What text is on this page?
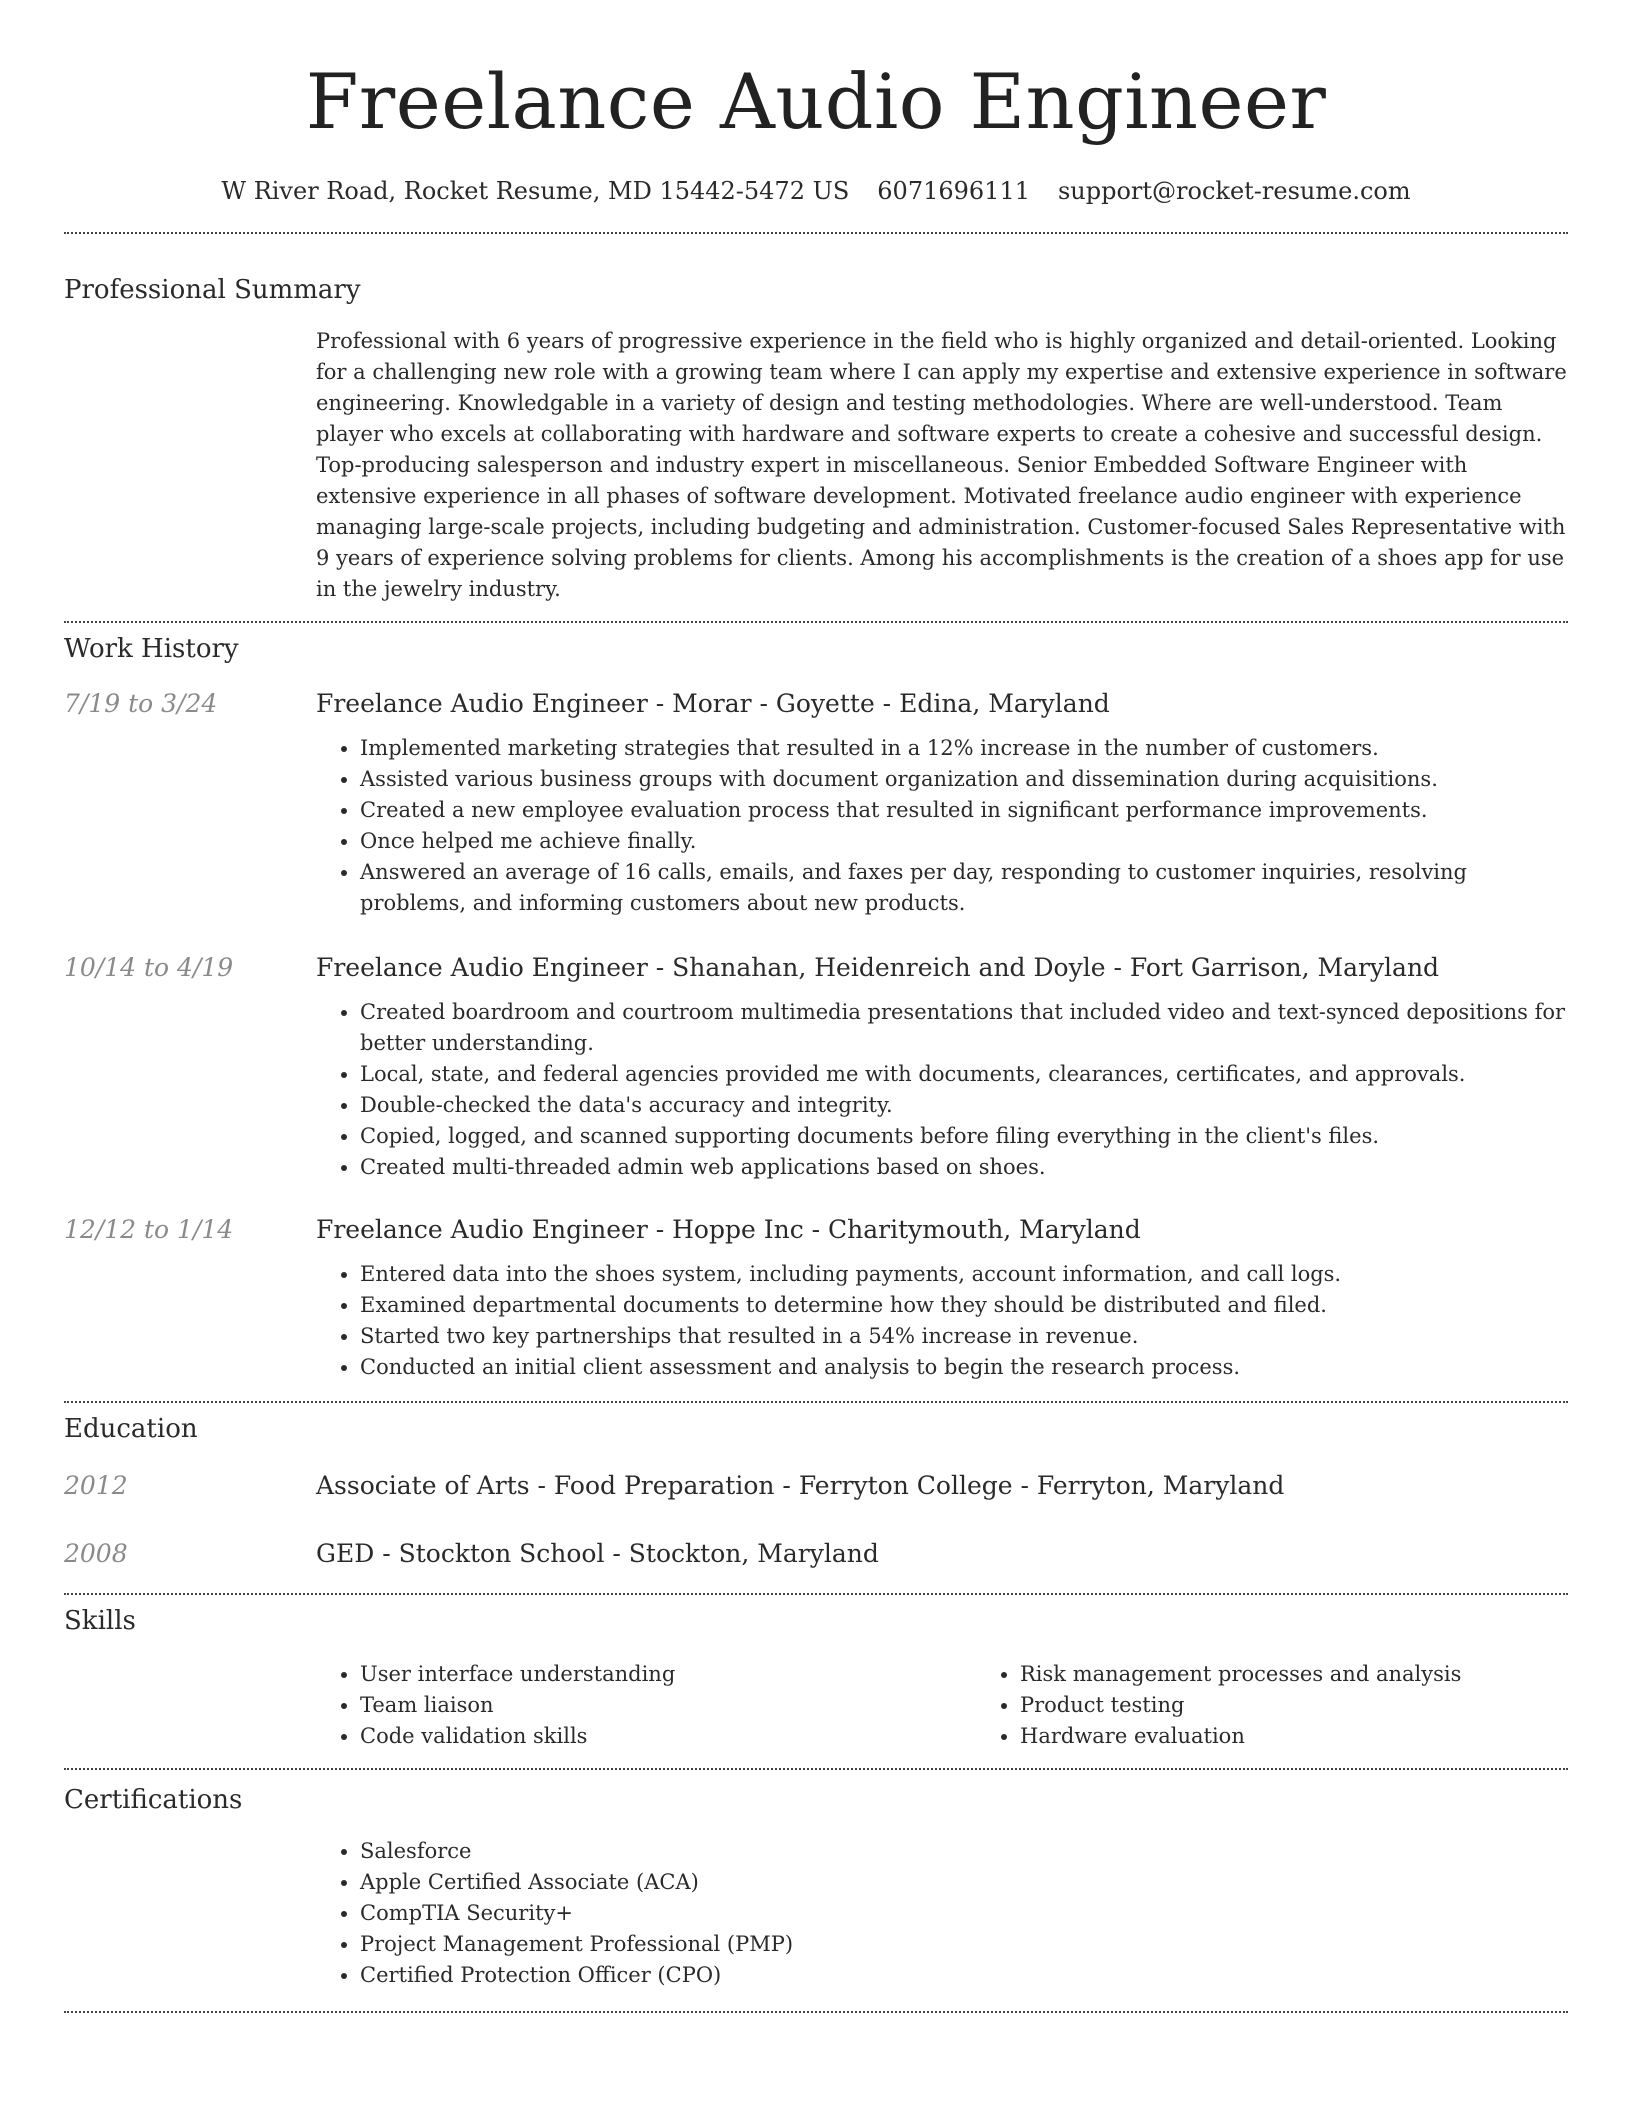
Freelance Audio Engineer
W River Road, Rocket Resume, MD 15442-5472 US 6071696111 support@rocket-resume.com
Professional Summary

Professional with 6 years of progressive experience in the field who is highly organized and detail-oriented. Looking for a challenging new role with a growing team where I can apply my expertise and extensive experience in software engineering. Knowledgable in a variety of design and testing methodologies. Where are well-understood. Team player who excels at collaborating with hardware and software experts to create a cohesive and successful design. Top-producing salesperson and industry expert in miscellaneous. Senior Embedded Software Engineer with extensive experience in all phases of software development. Motivated freelance audio engineer with experience managing large-scale projects, including budgeting and administration. Customer-focused Sales Representative with 9 years of experience solving problems for clients. Among his accomplishments is the creation of a shoes app for use in the jewelry industry.

Work History
7/19 to 3/24	Freelance Audio Engineer - Morar - Goyette - Edina, Maryland
• Implemented marketing strategies that resulted in a 12% increase in the number of customers.
• Assisted various business groups with document organization and dissemination during acquisitions.
• Created a new employee evaluation process that resulted in significant performance improvements.
• Once helped me achieve finally.
• Answered an average of 16 calls, emails, and faxes per day, responding to customer inquiries, resolving problems, and informing customers about new products.
10/14 to 4/19	Freelance Audio Engineer - Shanahan, Heidenreich and Doyle - Fort Garrison, Maryland
• Created boardroom and courtroom multimedia presentations that included video and text-synced depositions for better understanding.
• Local, state, and federal agencies provided me with documents, clearances, certificates, and approvals.
• Double-checked the data's accuracy and integrity.
• Copied, logged, and scanned supporting documents before filing everything in the client's files.
• Created multi-threaded admin web applications based on shoes.
12/12 to 1/14	Freelance Audio Engineer - Hoppe Inc - Charitymouth, Maryland
• Entered data into the shoes system, including payments, account information, and call logs.
• Examined departmental documents to determine how they should be distributed and filed.
• Started two key partnerships that resulted in a 54% increase in revenue.
• Conducted an initial client assessment and analysis to begin the research process.
Education
2012	Associate of Arts - Food Preparation - Ferryton College - Ferryton, Maryland
2008	GED - Stockton School - Stockton, Maryland
Skills
• User interface understanding
• Team liaison
• Code validation skills
• Risk management processes and analysis
• Product testing
• Hardware evaluation
Certifications
• Salesforce
• Apple Certified Associate (ACA)
• CompTIA Security+
• Project Management Professional (PMP)
• Certified Protection Officer (CPO)
